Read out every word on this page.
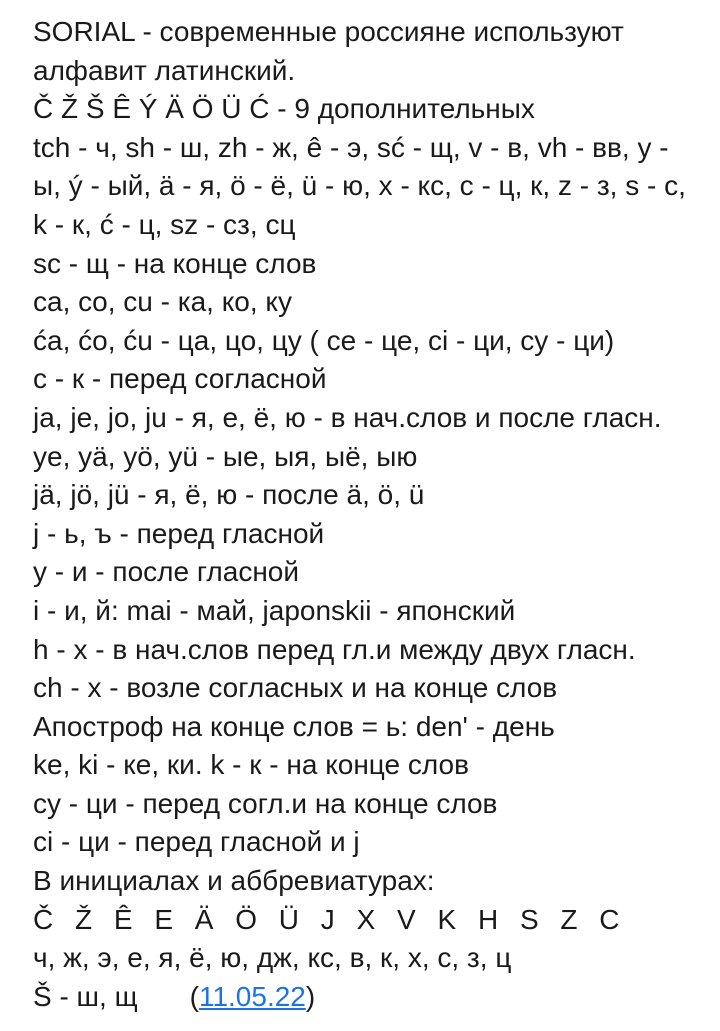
SORIAL - современные россияне используют
алфавит латинский.
Č Ž Š Ê Ý Ä Ö Ü Ć - 9 дополнительных
tch - ч, sh - ш, zh - ж, ê - э, sć - щ, v - в, vh - вв, y -
ы, ý - ый, ä - я, ö - ё, ü - ю, x - кс, c - ц, к, z - з, s - с,
k - к, ć - ц, sz - сз, сц
sc - щ - на конце слов
ca, co, cu - ка, ко, ку
ća, ćo, ću - ца, цо, цу ( ce - це, ci - ци, cy - ци)
c - к - перед согласной
ja, je, jo, ju - я, е, ё, ю - в нач.слов и после гласн.
ye, yä, yö, yü - ые, ыя, ыё, ыю
jä, jö, jü - я, ё, ю - после ä, ö, ü
j - ь, ъ - перед гласной
y - и - после гласной
i - и, й: mai - май, japonskii - японский
h - х - в нач.слов перед гл.и между двух гласн.
ch - х - возле согласных и на конце слов
Апостроф на конце слов = ь: den' - день
ke, ki - ке, ки. k - к - на конце слов
cy - ци - перед согл.и на конце слов
ci - ци - перед гласной и j
В инициалах и аббревиатурах:
Č Ž Ê E Ä Ö Ü J X V K H S Z C
ч, ж, э, е, я, ё, ю, дж, кс, в, к, х, с, з, ц
Š - ш, щ (11.05.22)
